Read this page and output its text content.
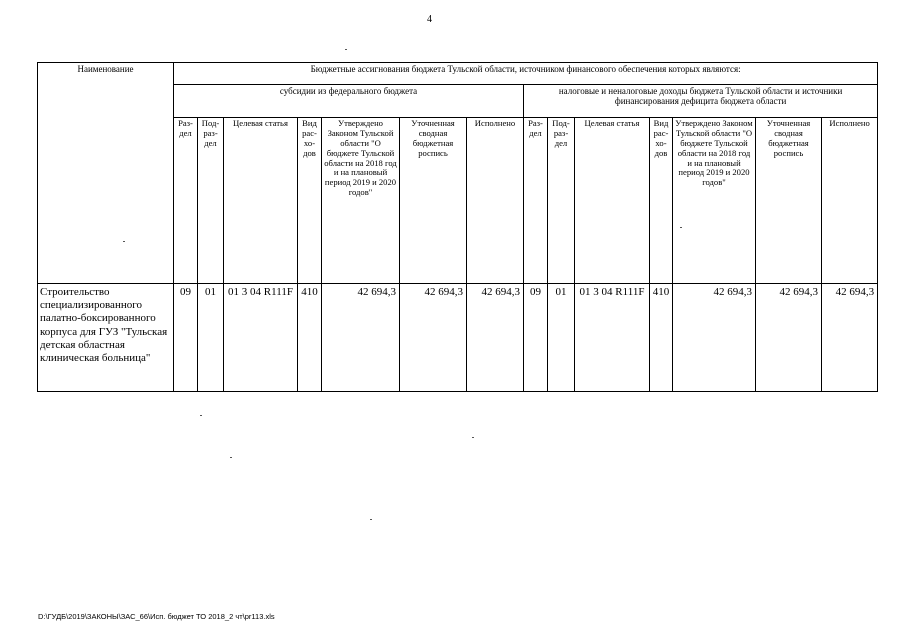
4
Наименование	Бюджетные ассигнования бюджета Тульской области, источником финансового обеспечения которых являются:													
	субсидии из федерального бюджета							налоговые и неналоговые доходы бюджета Тульской области и источники финансирования дефицита бюджета области						
	Раз-дел	Под-раз-дел	Целевая статья	Вид рас-хо-дов	Утверждено Законом Тульской области "О бюджете Тульской области на 2018 год и на плановый период 2019 и 2020 годов"	Уточненная сводная бюджетная роспись	Исполнено	Раз-дел	Под-раз-дел	Целевая статья	Вид рас-хо-дов	Утверждено Законом Тульской области "О бюджете Тульской области на 2018 год и на плановый период 2019 и 2020 годов"	Уточненная сводная бюджетная роспись	Исполнено
Строительство специализированного палатно-боксированного корпуса для ГУЗ "Тульская детская областная клиническая больница"	09	01	01 3 04 R111F	410	42 694,3	42 694,3	42 694,3	09	01	01 3 04 R111F	410	42 694,3	42 694,3	42 694,3
D:\ГУДБ\2019\ЗАКОНЫ\ЗАС_66\Исп. бюджет ТО 2018_2 чт\pr113.xls
